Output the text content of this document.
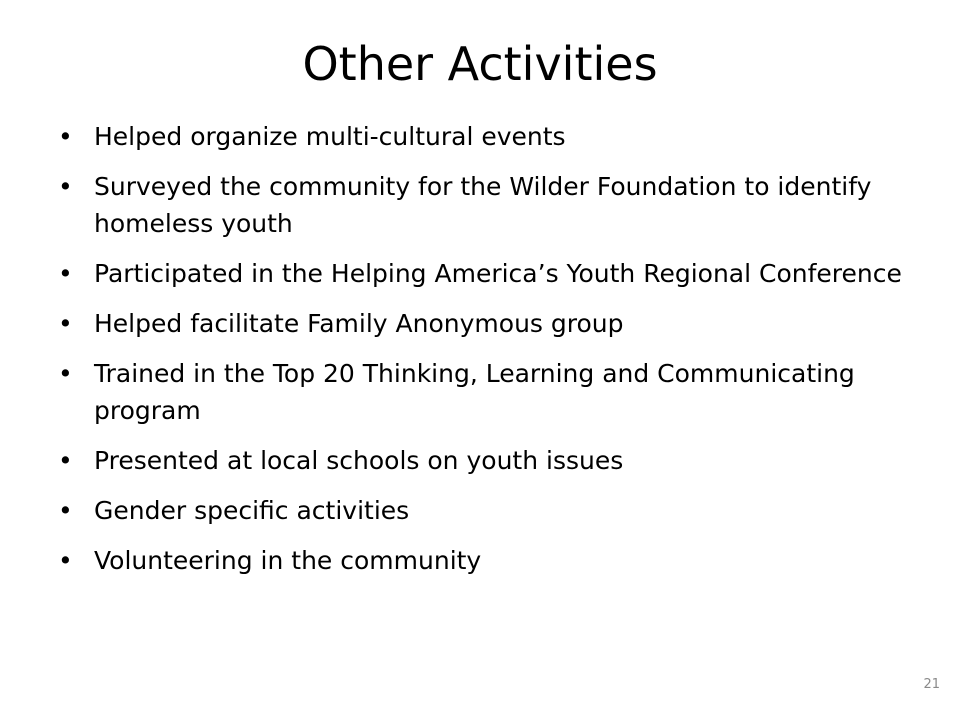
Other Activities
• Helped organize multi-cultural events
• Surveyed the community for the Wilder Foundation to identify homeless youth
• Participated in the Helping America’s Youth Regional Conference
• Helped facilitate Family Anonymous group
• Trained in the Top 20 Thinking, Learning and Communicating program
• Presented at local schools on youth issues
• Gender specific activities
• Volunteering in the community
21
